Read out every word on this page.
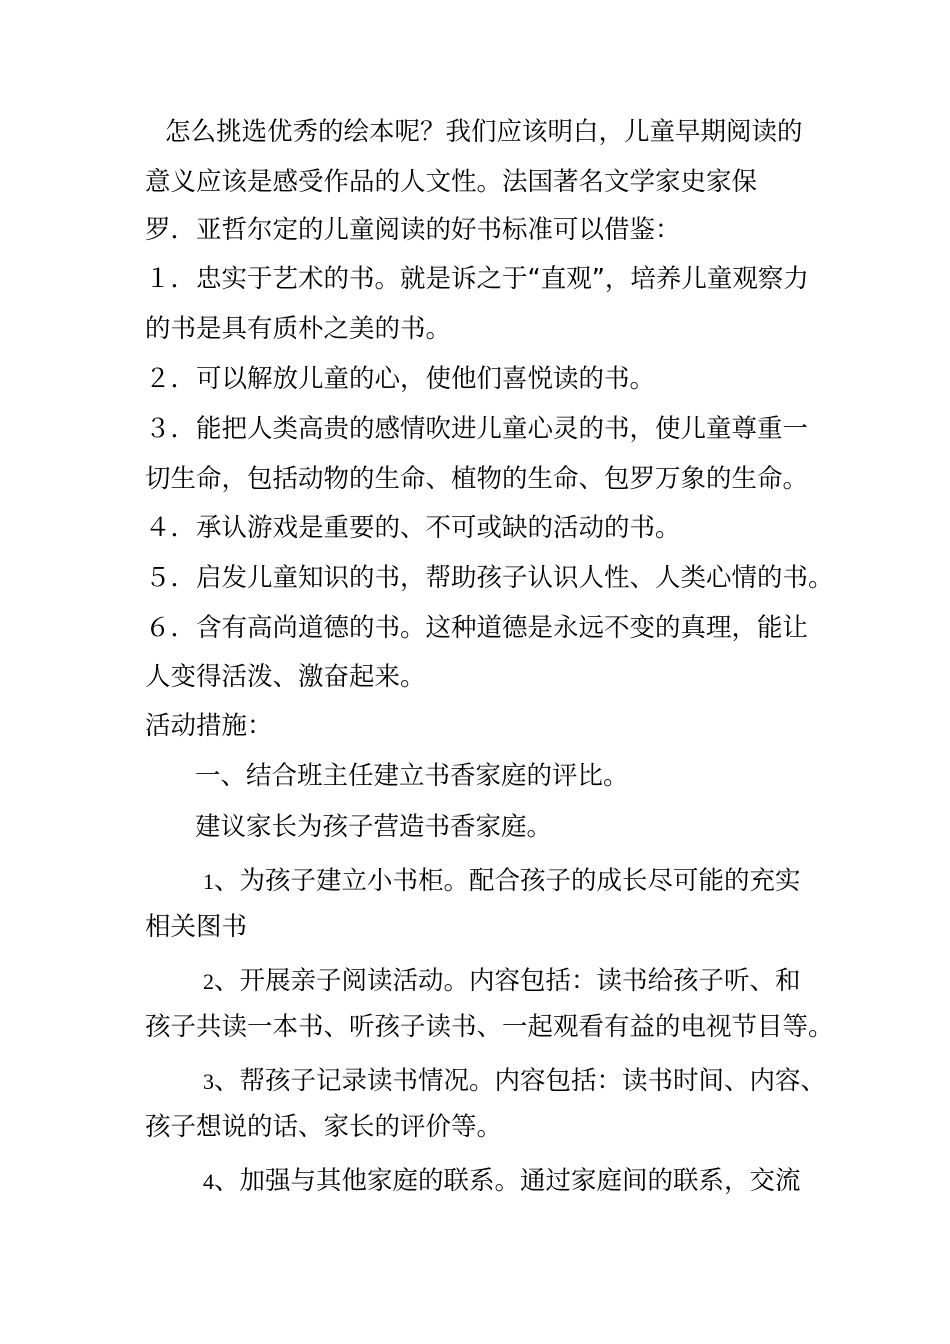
怎么挑选优秀的绘本呢？我们应该明白，儿童早期阅读的
意义应该是感受作品的人文性。法国著名文学家史家保
罗．亚哲尔定的儿童阅读的好书标准可以借鉴：
１．忠实于艺术的书。就是诉之于“直观”，培养儿童观察力
的书是具有质朴之美的书。
２．可以解放儿童的心，使他们喜悦读的书。
３．能把人类高贵的感情吹进儿童心灵的书，使儿童尊重一
切生命，包括动物的生命、植物的生命、包罗万象的生命。
４．承认游戏是重要的、不可或缺的活动的书。
５．启发儿童知识的书，帮助孩子认识人性、人类心情的书。
６．含有高尚道德的书。这种道德是永远不变的真理，能让
人变得活泼、激奋起来。
活动措施：
一、结合班主任建立书香家庭的评比。
建议家长为孩子营造书香家庭。
1、为孩子建立小书柜。配合孩子的成长尽可能的充实
相关图书
2、开展亲子阅读活动。内容包括：读书给孩子听、和
孩子共读一本书、听孩子读书、一起观看有益的电视节目等。
3、帮孩子记录读书情况。内容包括：读书时间、内容、
孩子想说的话、家长的评价等。
4、加强与其他家庭的联系。通过家庭间的联系，交流
